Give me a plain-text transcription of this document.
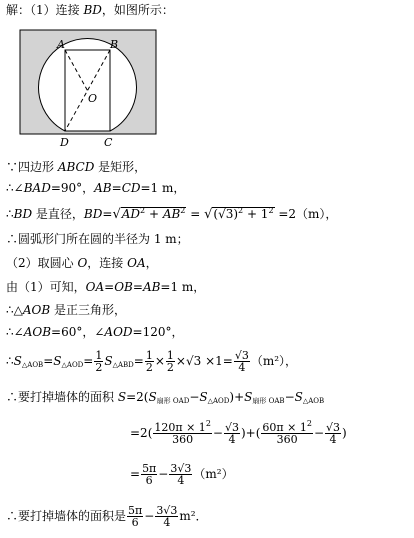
解：（1）连接 BD，如图所示：
A	B
O
D	C
∵四边形 ABCD 是矩形，
∴∠BAD=90°，AB=CD=1 m，
∴BD 是直径，$BD=√AD^2 + AB^2 = √(√3)^2 + 1^2 =2(m)$，
∴圆弧形门所在圆的半径为 1 m；
（2）取圆心 O，连接 OA，
由（1）可知，OA=OB=AB=1 m，
∴△AOB 是正三角形，
∴∠AOB=60°，∠AOD=120°，
$\therefore S_{\triangle AOB}=S_{\triangle AOD}= \frac{1}{2} S_{\triangle ABD}= \frac{1}{2} \times \frac{1}{2} \times√3 \times 1= \frac{√3}{4} (m^2)$，
∴要打掉墙体的面积 $S=2(S_{扇形 OAD}-S_{\triangle AOD})+S_{扇形 OAB}-S_{\triangle AOB}$
$=2( \frac{120\pi \times 1^2}{360} - \frac{√3}{4}$ )+( $\frac{60\pi \times 1^2}{360} - \frac{√3}{4}$ )
= $\frac{5\pi}{6} - \frac{3√3}{4} (m^2)$
∴要打掉墙体的面积是 $\frac{5\pi}{6} - \frac{3√3}{4} m^2$．
